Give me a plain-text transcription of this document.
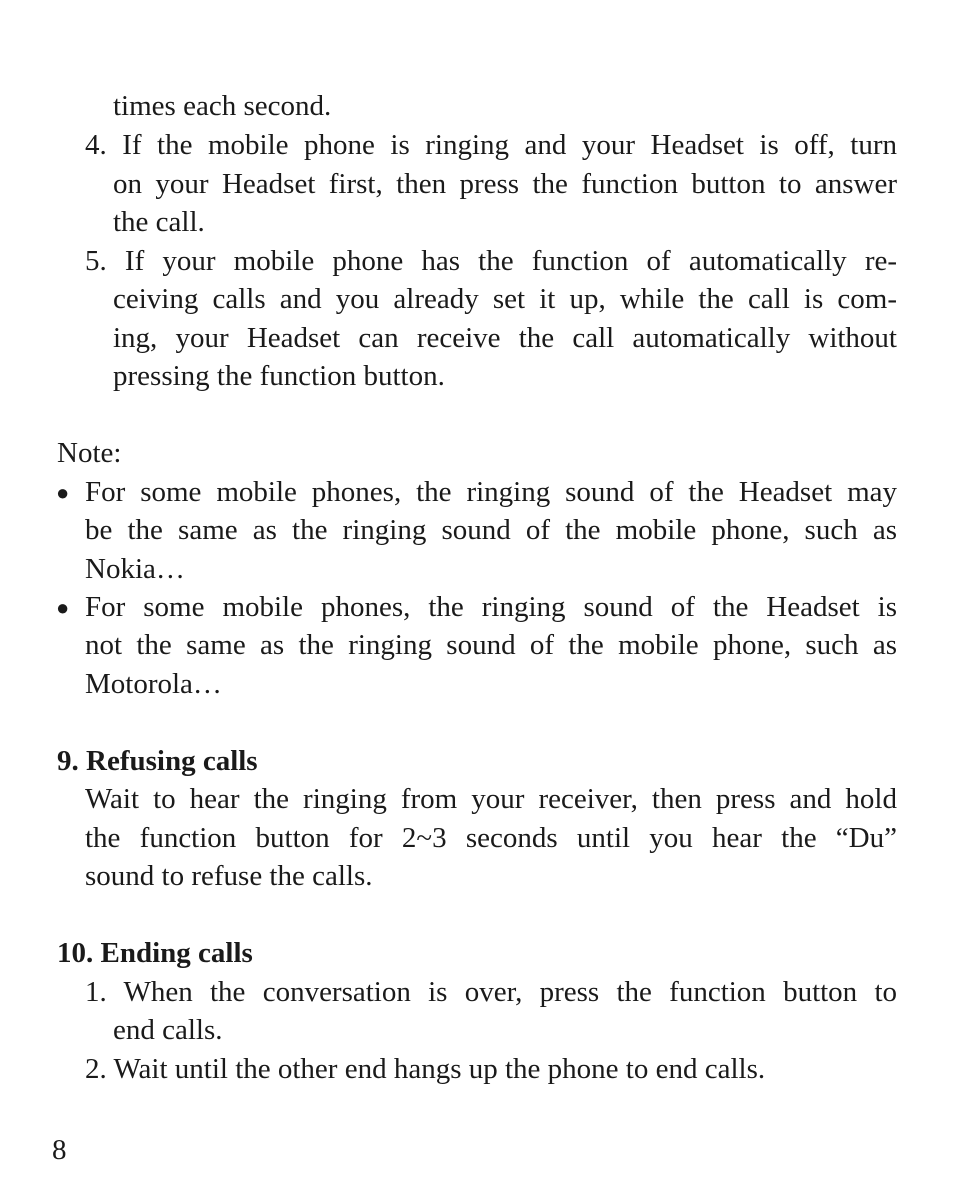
times each second.
4. If the mobile phone is ringing and your Headset is off, turn
on your Headset first, then press the function button to answer
the call.
5. If your mobile phone has the function of automatically re-
ceiving calls and you already set it up, while the call is com-
ing, your Headset can receive the call automatically without
pressing the function button.
Note:
● For some mobile phones, the ringing sound of the Headset may
be the same as the ringing sound of the mobile phone, such as
Nokia…
● For some mobile phones, the ringing sound of the Headset is
not the same as the ringing sound of the mobile phone, such as
Motorola…
9. Refusing calls
Wait to hear the ringing from your receiver, then press and hold
the function button for 2~3 seconds until you hear the “Du”
sound to refuse the calls.
10. Ending calls
1. When the conversation is over, press the function button to
end calls.
2. Wait until the other end hangs up the phone to end calls.
8
